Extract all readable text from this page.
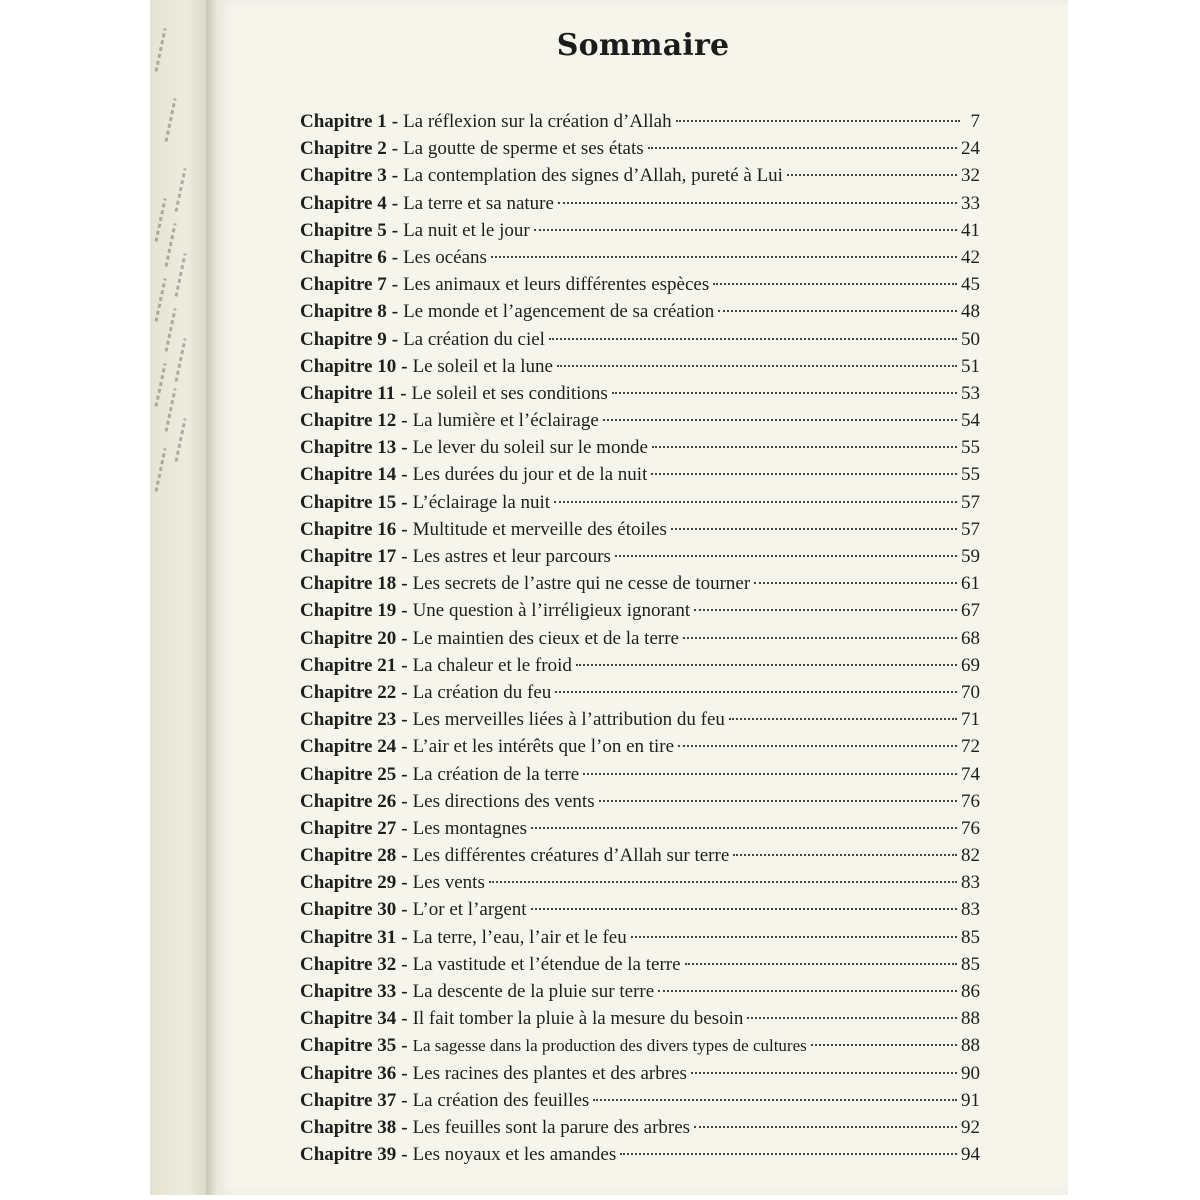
Sommaire
Chapitre 1 - La réflexion sur la création d’Allah	7
Chapitre 2 - La goutte de sperme et ses états	24
Chapitre 3 - La contemplation des signes d’Allah, pureté à Lui	32
Chapitre 4 - La terre et sa nature	33
Chapitre 5 - La nuit et le jour	41
Chapitre 6 - Les océans	42
Chapitre 7 - Les animaux et leurs différentes espèces	45
Chapitre 8 - Le monde et l’agencement de sa création	48
Chapitre 9 - La création du ciel	50
Chapitre 10 - Le soleil et la lune	51
Chapitre 11 - Le soleil et ses conditions	53
Chapitre 12 - La lumière et l’éclairage	54
Chapitre 13 - Le lever du soleil sur le monde	55
Chapitre 14 - Les durées du jour et de la nuit	55
Chapitre 15 - L’éclairage la nuit	57
Chapitre 16 - Multitude et merveille des étoiles	57
Chapitre 17 - Les astres et leur parcours	59
Chapitre 18 - Les secrets de l’astre qui ne cesse de tourner	61
Chapitre 19 - Une question à l’irréligieux ignorant	67
Chapitre 20 - Le maintien des cieux et de la terre	68
Chapitre 21 - La chaleur et le froid	69
Chapitre 22 - La création du feu	70
Chapitre 23 - Les merveilles liées à l’attribution du feu	71
Chapitre 24 - L’air et les intérêts que l’on en tire	72
Chapitre 25 - La création de la terre	74
Chapitre 26 - Les directions des vents	76
Chapitre 27 - Les montagnes	76
Chapitre 28 - Les différentes créatures d’Allah sur terre	82
Chapitre 29 - Les vents	83
Chapitre 30 - L’or et l’argent	83
Chapitre 31 - La terre, l’eau, l’air et le feu	85
Chapitre 32 - La vastitude et l’étendue de la terre	85
Chapitre 33 - La descente de la pluie sur terre	86
Chapitre 34 - Il fait tomber la pluie à la mesure du besoin	88
Chapitre 35 - La sagesse dans la production des divers types de cultures	88
Chapitre 36 - Les racines des plantes et des arbres	90
Chapitre 37 - La création des feuilles	91
Chapitre 38 - Les feuilles sont la parure des arbres	92
Chapitre 39 - Les noyaux et les amandes	94
